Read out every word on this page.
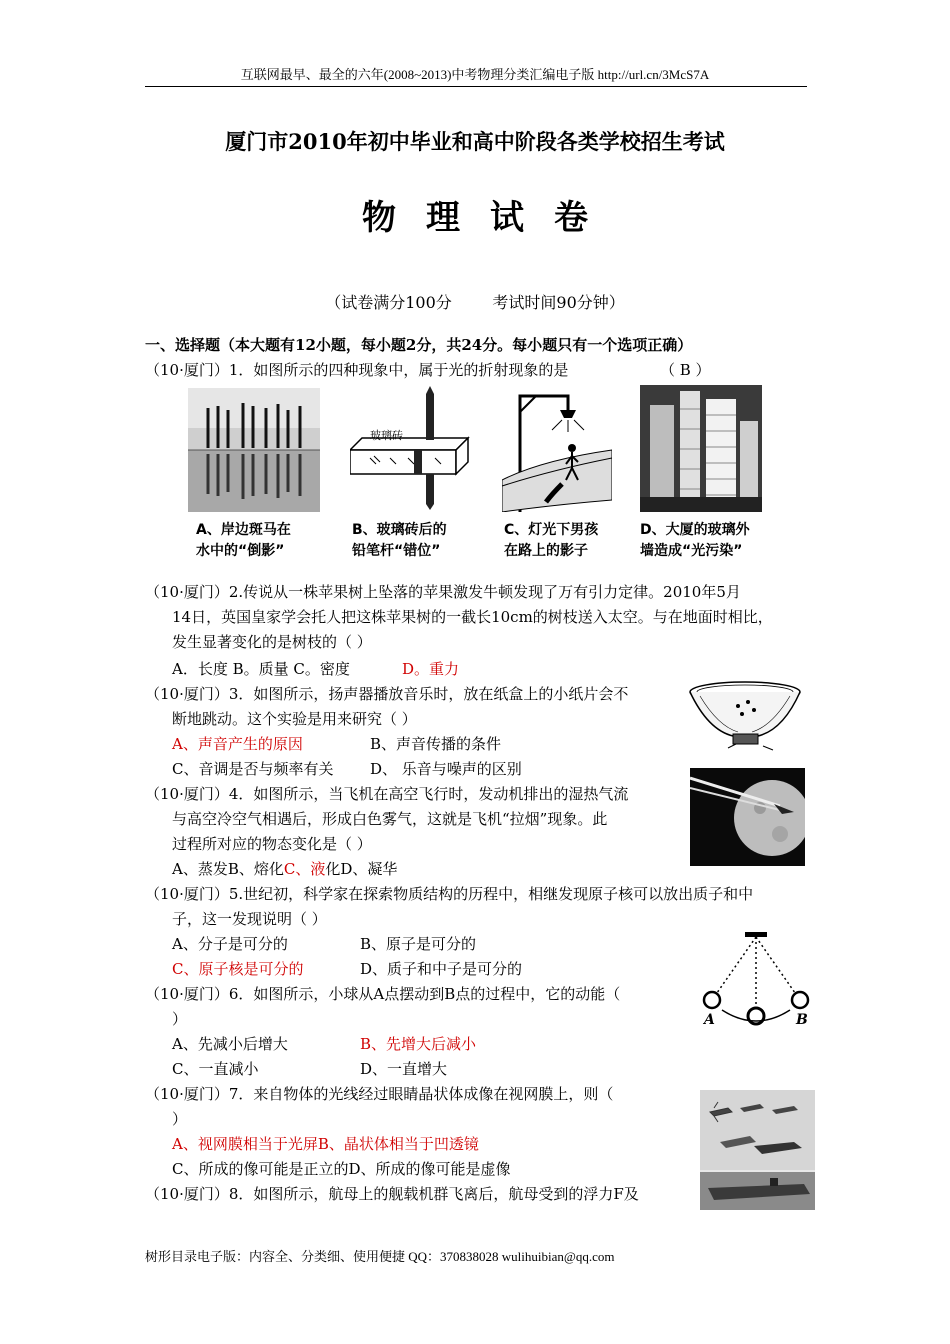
互联网最早、最全的六年(2008~2013)中考物理分类汇编电子版 http://url.cn/3McS7A
厦门市2010年初中毕业和高中阶段各类学校招生考试
物理试卷
（试卷满分100分        考试时间90分钟）
一、选择题（本大题有12小题，每小题2分，共24分。每小题只有一个选项正确）
（10·厦门）1．如图所示的四种现象中，属于光的折射现象的是	（ B ）
A、岸边斑马在
水中的“倒影”
玻璃砖
B、玻璃砖后的
铅笔杆“错位”
C、灯光下男孩
在路上的影子
D、大厦的玻璃外
墙造成“光污染”
（10·厦门）2.传说从一株苹果树上坠落的苹果激发牛顿发现了万有引力定律。2010年5月
14日，英国皇家学会托人把这株苹果树的一截长10cm的树枝送入太空。与在地面时相比，
发生显著变化的是树枝的（ ）
A．长度 B。质量 C。密度	D。重力
（10·厦门）3．如图所示，扬声器播放音乐时，放在纸盒上的小纸片会不
断地跳动。这个实验是用来研究（ ）
A、声音产生的原因	B、声音传播的条件
C、音调是否与频率有关 D、 乐音与噪声的区别
（10·厦门）4．如图所示，当飞机在高空飞行时，发动机排出的湿热气流
与高空冷空气相遇后，形成白色雾气，这就是飞机“拉烟”现象。此
过程所对应的物态变化是（ ）
A、蒸发B、熔化C、液化D、凝华
（10·厦门）5.世纪初，科学家在探索物质结构的历程中，相继发现原子核可以放出质子和中
子，这一发现说明（ ）
A、分子是可分的	B、原子是可分的
C、原子核是可分的	D、质子和中子是可分的
A	B
（10·厦门）6．如图所示，小球从A点摆动到B点的过程中，它的动能（
）
A、先减小后增大	B、先增大后减小
C、一直减小	D、一直增大
（10·厦门）7．来自物体的光线经过眼睛晶状体成像在视网膜上，则（
）
A、视网膜相当于光屏B、晶状体相当于凹透镜
C、所成的像可能是正立的D、所成的像可能是虚像
（10·厦门）8．如图所示，航母上的舰载机群飞离后，航母受到的浮力F及
树形目录电子版：内容全、分类细、使用便捷 QQ：370838028 wulihuibian@qq.com
